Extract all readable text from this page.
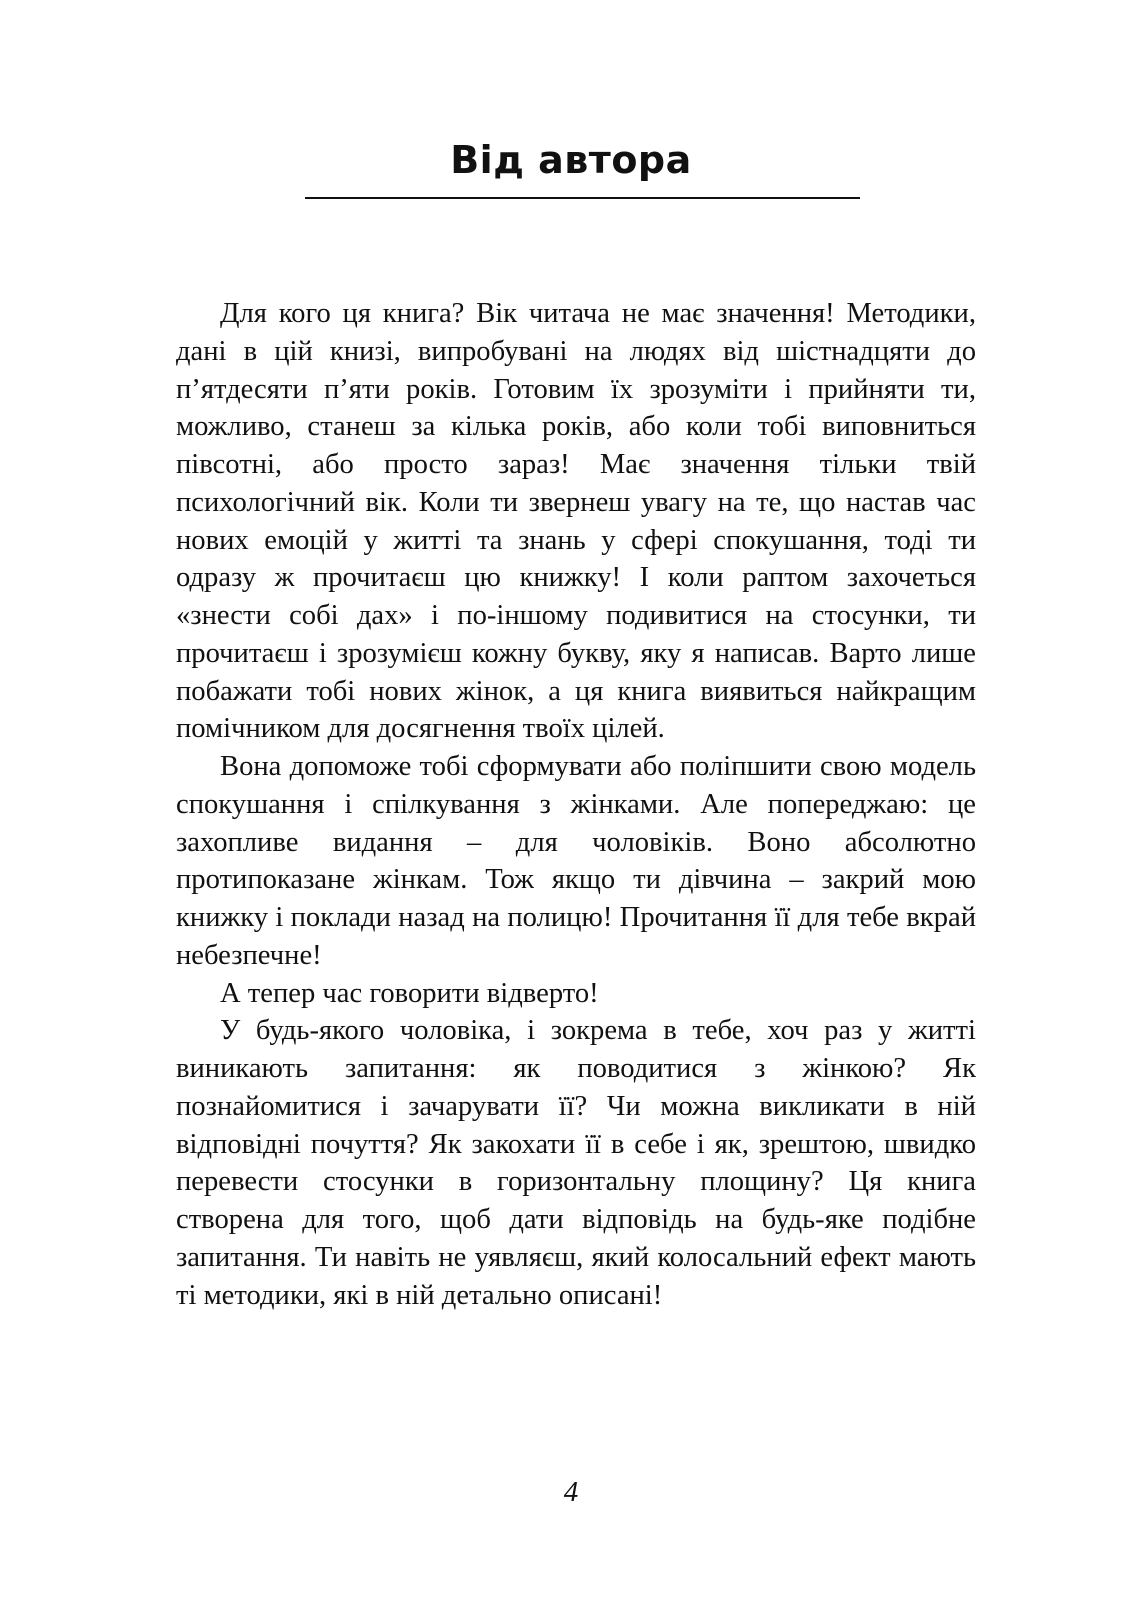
Від автора

Для кого ця книга? Вік читача не має значення! Методики, дані в цій книзі, випробувані на людях від шістнадцяти до п’ятдесяти п’яти років. Готовим їх зрозуміти і прийняти ти, можливо, станеш за кілька років, або коли тобі виповниться півсотні, або просто зараз! Має значення тільки твій психологічний вік. Коли ти звернеш увагу на те, що настав час нових емоцій у житті та знань у сфері спокушання, тоді ти одразу ж прочитаєш цю книжку! І коли раптом захочеться «знести собі дах» і по-іншому подивитися на стосунки, ти прочитаєш і зрозумієш кожну букву, яку я написав. Варто лише побажати тобі нових жінок, а ця книга виявиться найкращим помічником для досягнення твоїх цілей.

Вона допоможе тобі сформувати або поліпшити свою модель спокушання і спілкування з жінками. Але попереджаю: це захопливе видання – для чоловіків. Воно абсолютно протипоказане жінкам. Тож якщо ти дівчина – закрий мою книжку і поклади назад на полицю! Прочитання її для тебе вкрай небезпечне!

А тепер час говорити відверто!

У будь-якого чоловіка, і зокрема в тебе, хоч раз у житті виникають запитання: як поводитися з жінкою? Як познайомитися і зачарувати її? Чи можна викликати в ній відповідні почуття? Як закохати її в себе і як, зрештою, швидко перевести стосунки в горизонтальну площину? Ця книга створена для того, щоб дати відповідь на будь-яке подібне запитання. Ти навіть не уявляєш, який колосальний ефект мають ті методики, які в ній детально описані!

4
